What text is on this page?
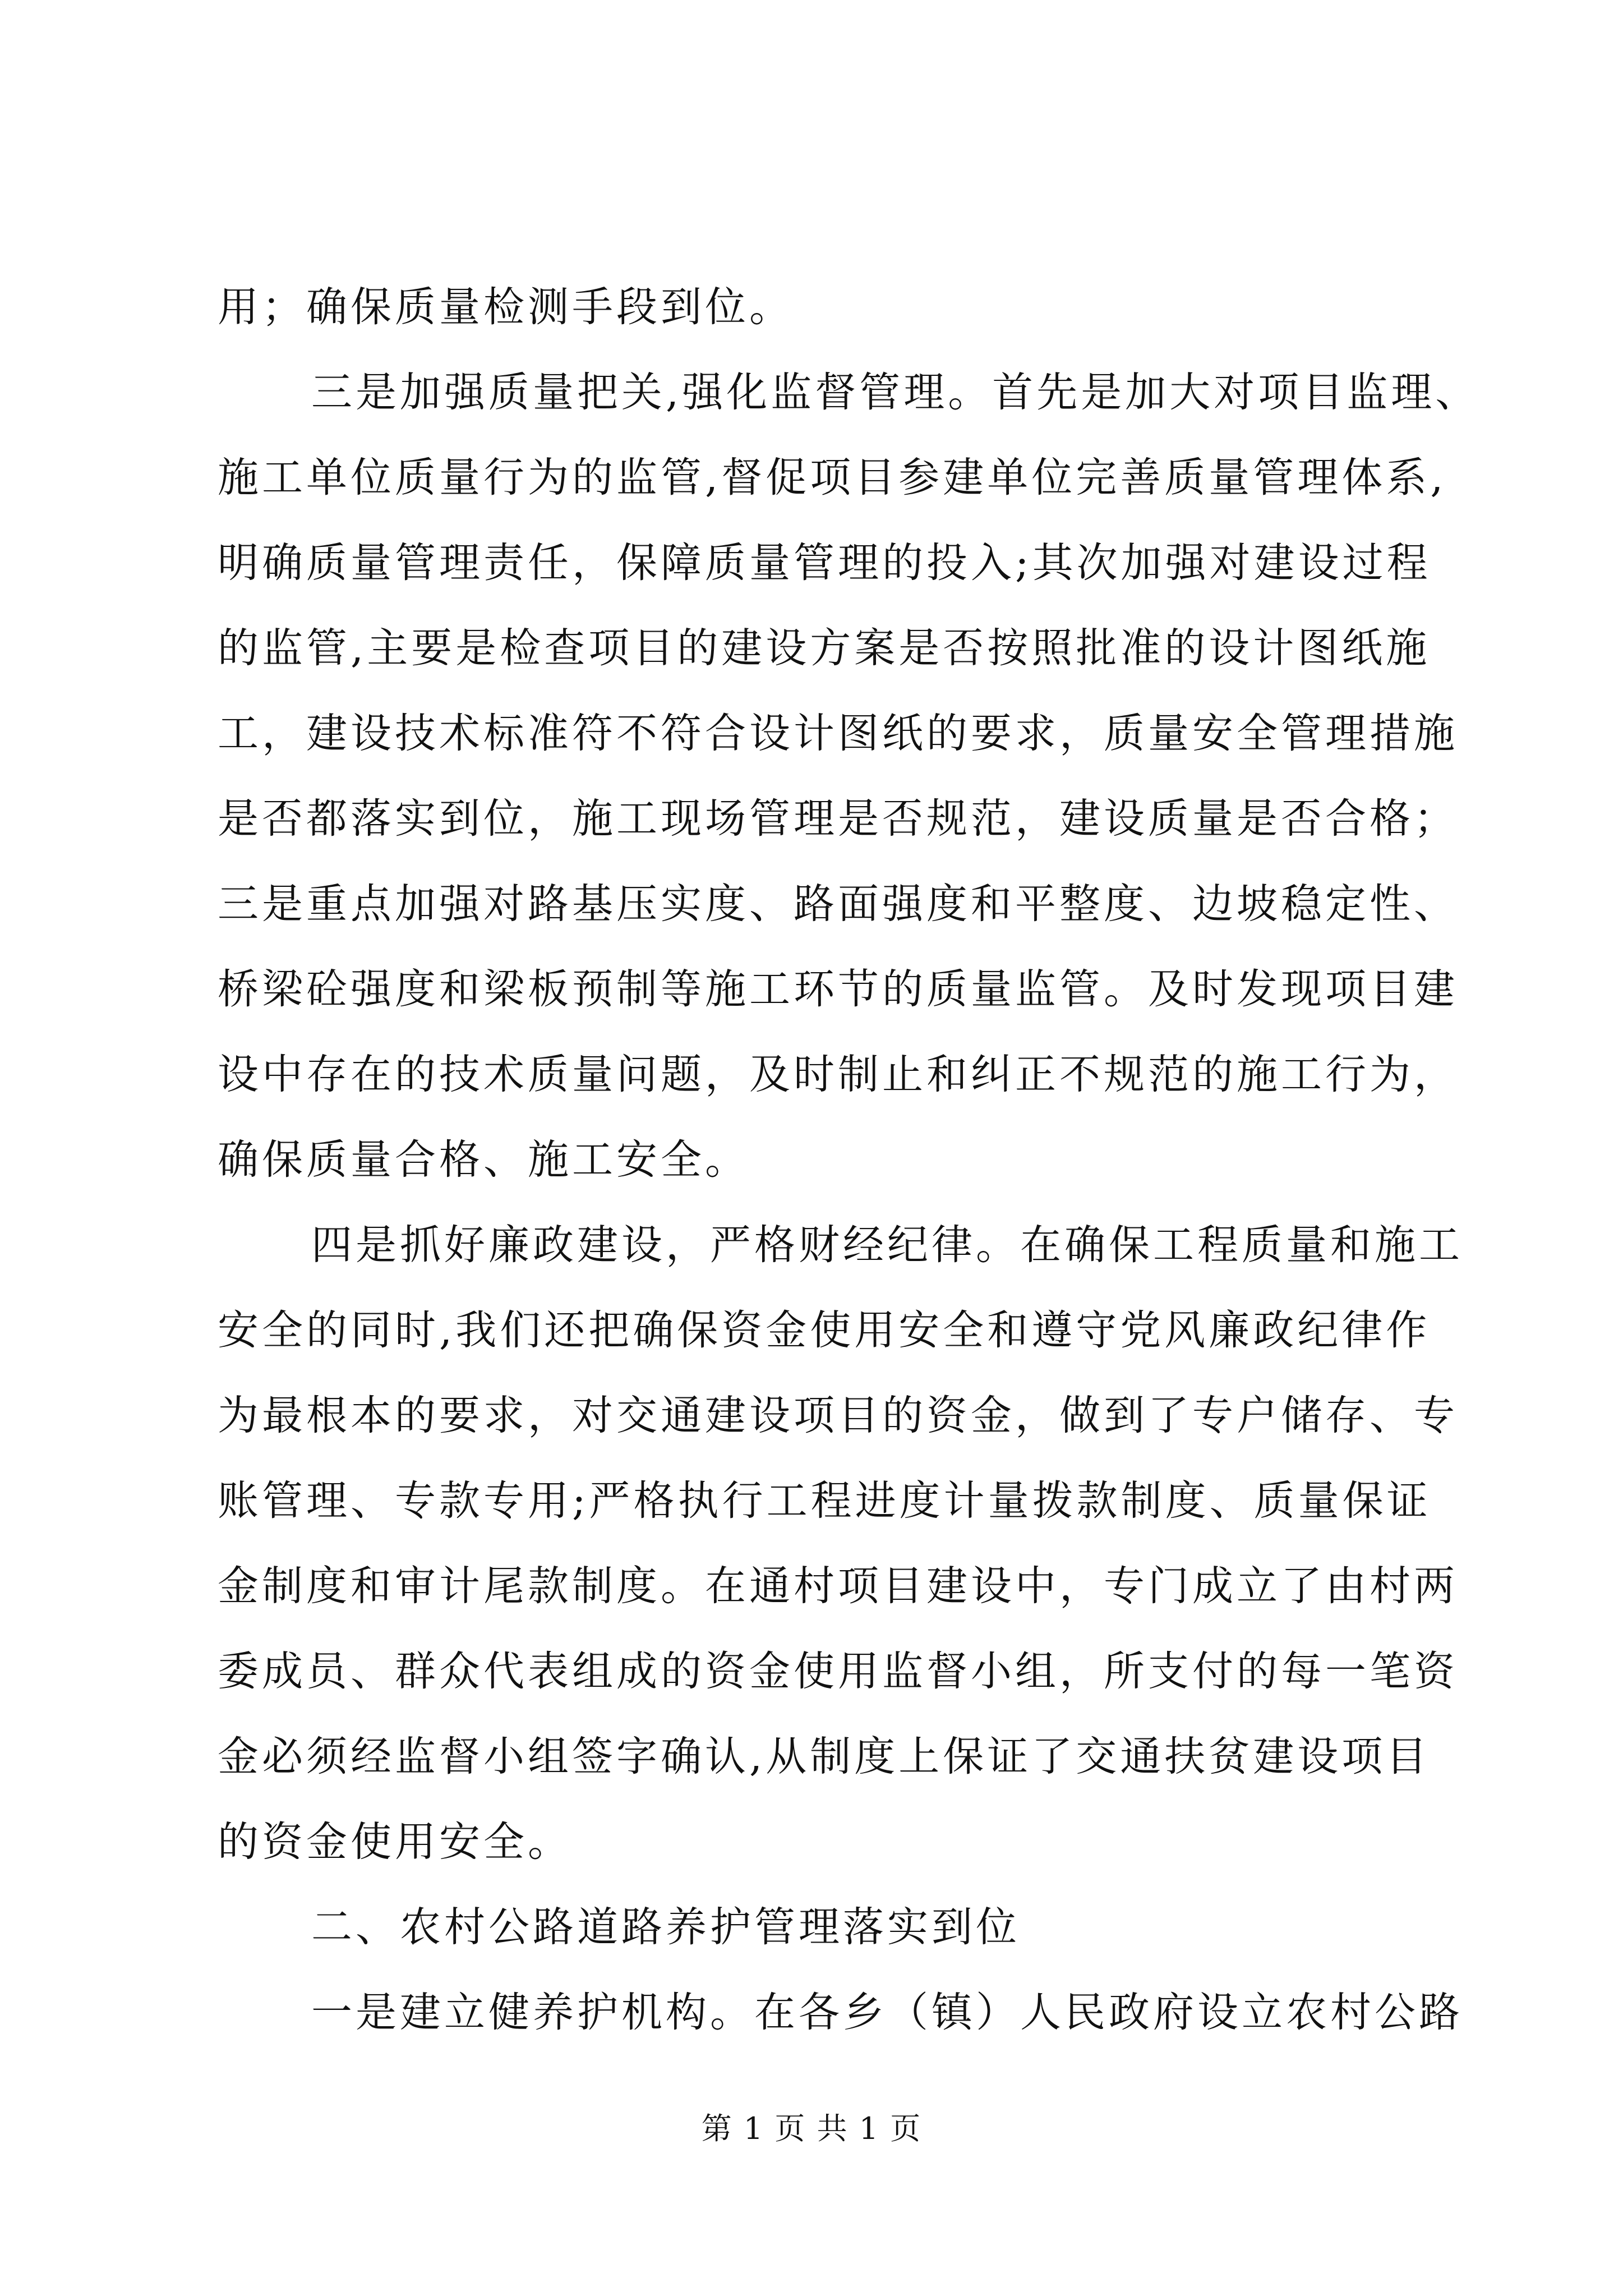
用；确保质量检测手段到位。
三是加强质量把关,强化监督管理。首先是加大对项目监理、
施工单位质量行为的监管,督促项目参建单位完善质量管理体系,
明确质量管理责任，保障质量管理的投入;其次加强对建设过程
的监管,主要是检查项目的建设方案是否按照批准的设计图纸施
工，建设技术标准符不符合设计图纸的要求，质量安全管理措施
是否都落实到位，施工现场管理是否规范，建设质量是否合格；
三是重点加强对路基压实度、路面强度和平整度、边坡稳定性、
桥梁砼强度和梁板预制等施工环节的质量监管。及时发现项目建
设中存在的技术质量问题，及时制止和纠正不规范的施工行为，
确保质量合格、施工安全。
四是抓好廉政建设，严格财经纪律。在确保工程质量和施工
安全的同时,我们还把确保资金使用安全和遵守党风廉政纪律作
为最根本的要求，对交通建设项目的资金，做到了专户储存、专
账管理、专款专用;严格执行工程进度计量拨款制度、质量保证
金制度和审计尾款制度。在通村项目建设中，专门成立了由村两
委成员、群众代表组成的资金使用监督小组，所支付的每一笔资
金必须经监督小组签字确认,从制度上保证了交通扶贫建设项目
的资金使用安全。
二、农村公路道路养护管理落实到位
一是建立健养护机构。在各乡（镇）人民政府设立农村公路
第 1 页 共 1 页
